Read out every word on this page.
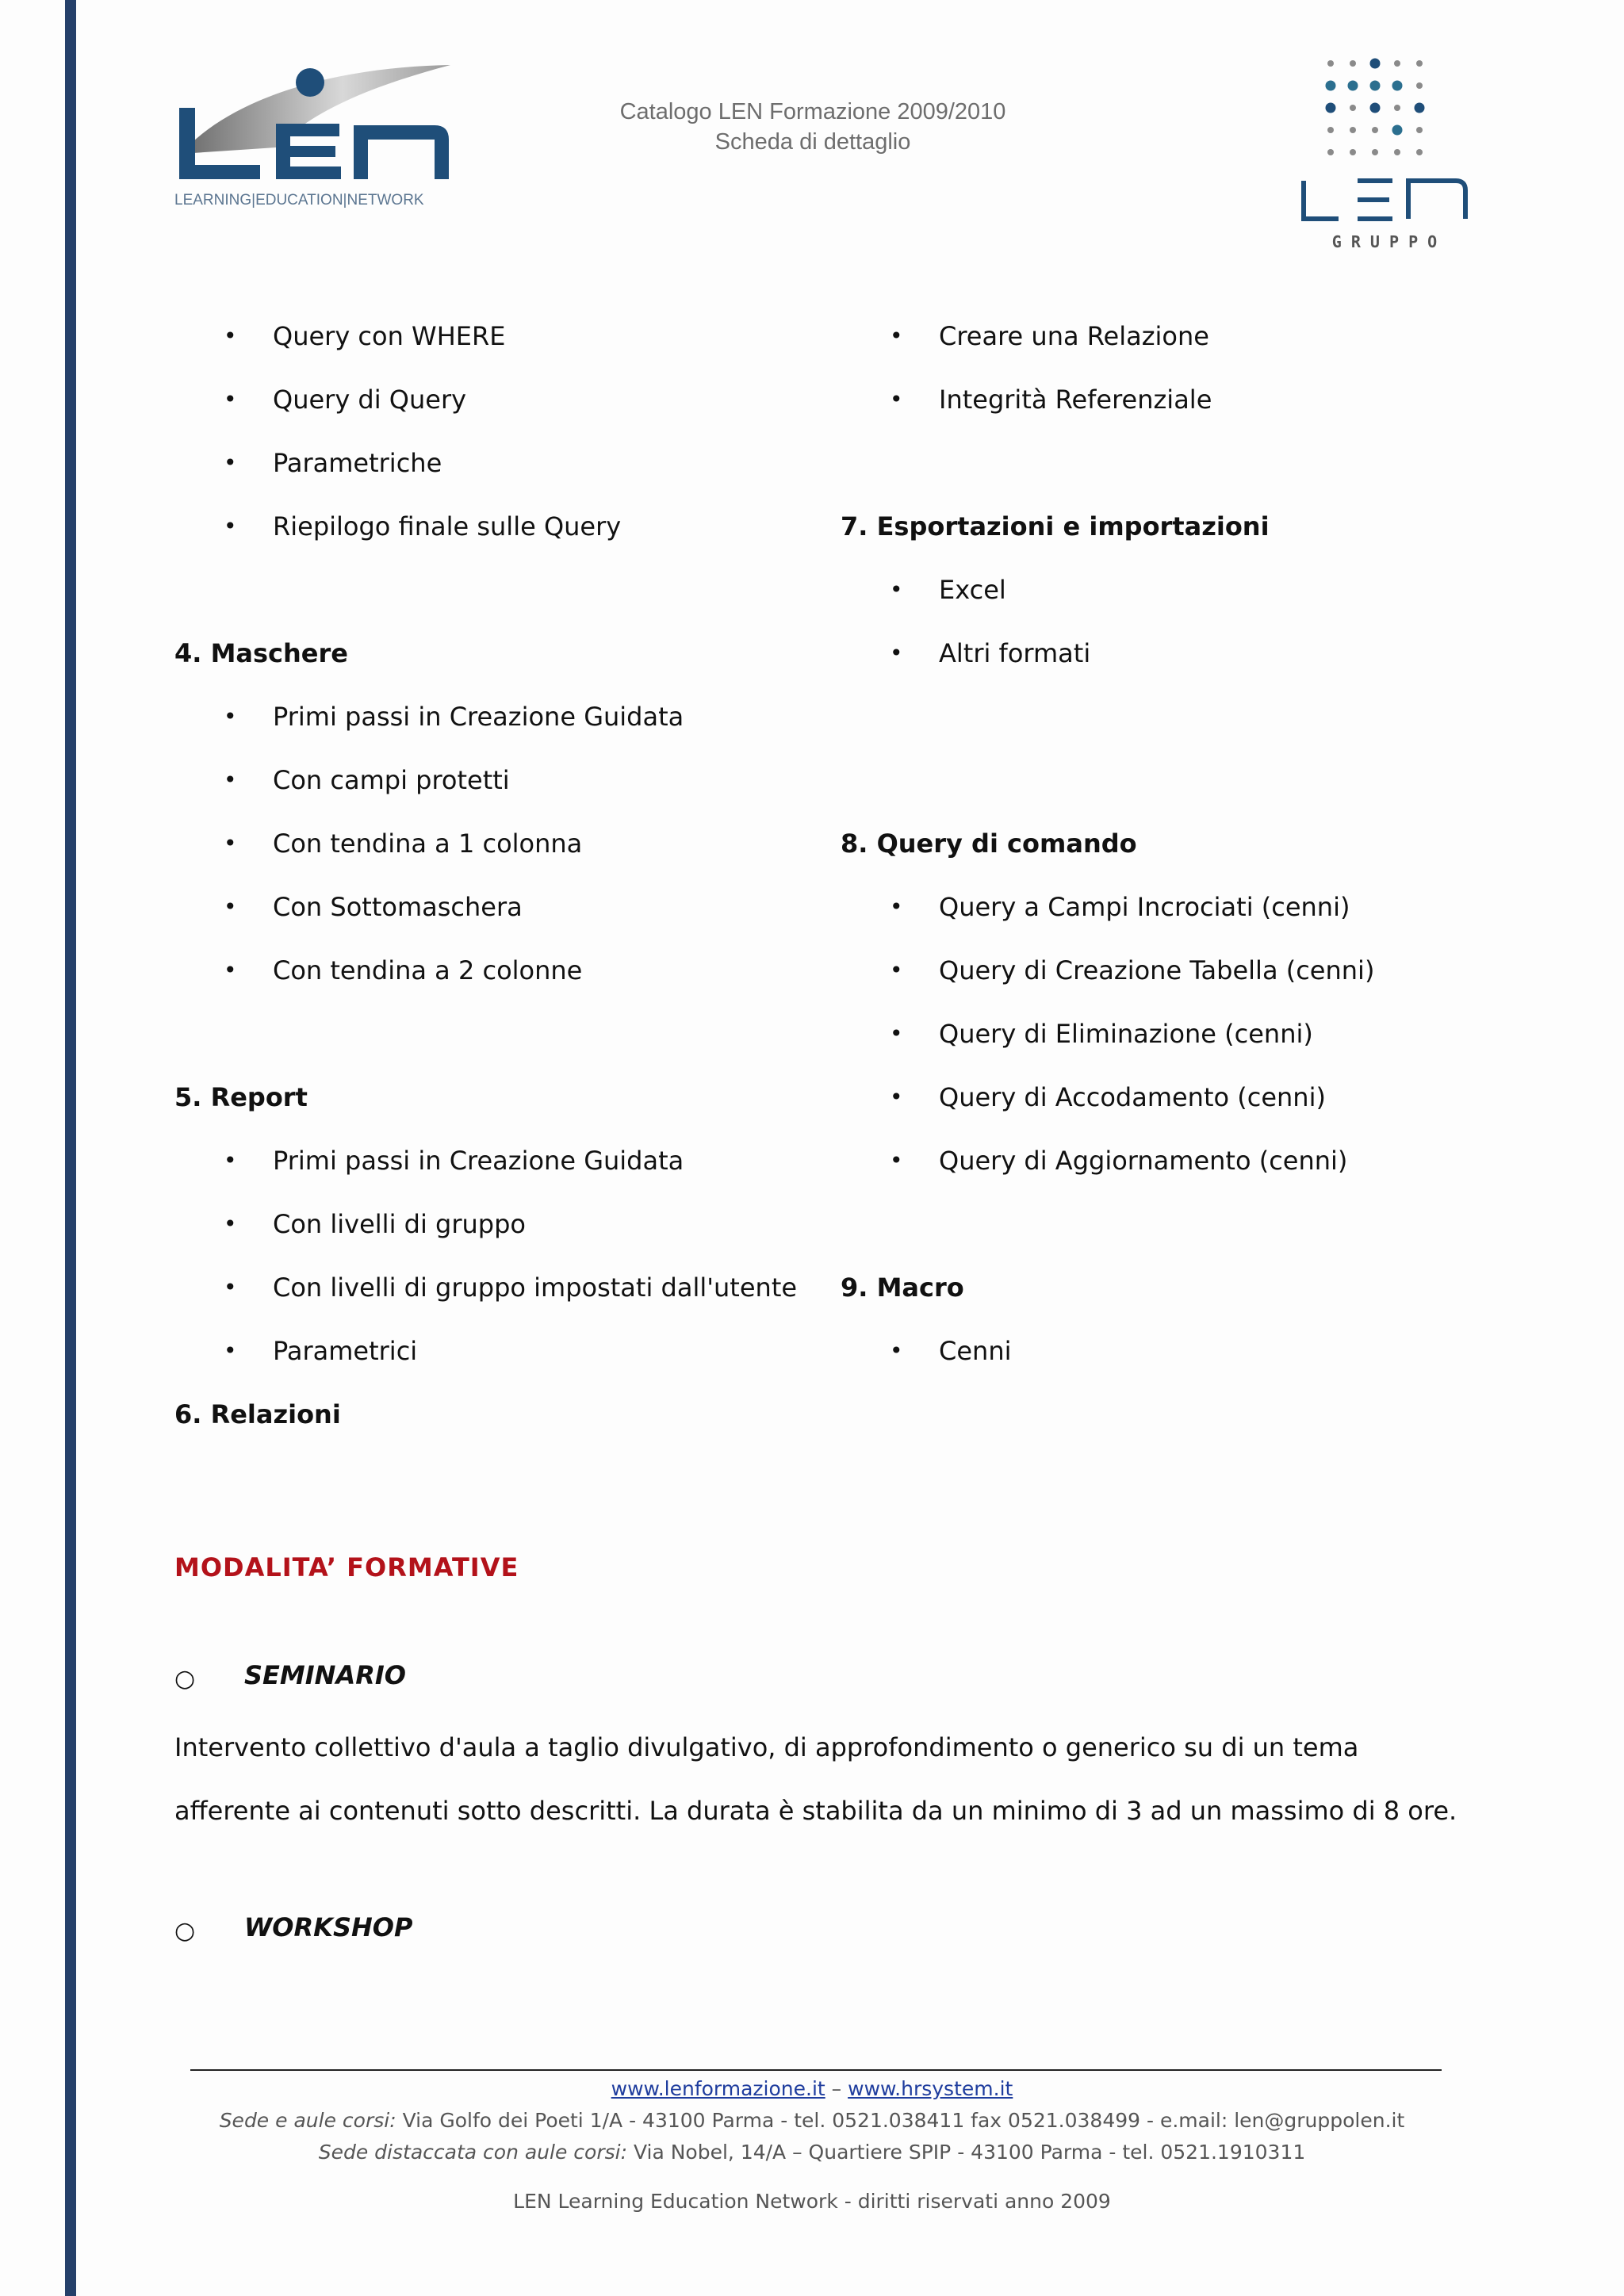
LEARNING|EDUCATION|NETWORK
Catalogo LEN Formazione 2009/2010
Scheda di dettaglio
G R U P P O
• Query con WHERE
• Query di Query
• Parametriche
• Riepilogo finale sulle Query
4. Maschere
• Primi passi in Creazione Guidata
• Con campi protetti
• Con tendina a 1 colonna
• Con Sottomaschera
• Con tendina a 2 colonne
5. Report
• Primi passi in Creazione Guidata
• Con livelli di gruppo
• Con livelli di gruppo impostati dall'utente
• Parametrici
6. Relazioni
• Creare una Relazione
• Integrità Referenziale
7. Esportazioni e importazioni
• Excel
• Altri formati
8. Query di comando
• Query a Campi Incrociati (cenni)
• Query di Creazione Tabella (cenni)
• Query di Eliminazione (cenni)
• Query di Accodamento (cenni)
• Query di Aggiornamento (cenni)
9. Macro
• Cenni
MODALITA’ FORMATIVE
○ SEMINARIO
Intervento collettivo d'aula a taglio divulgativo, di approfondimento o generico su di un tema afferente ai contenuti sotto descritti. La durata è stabilita da un minimo di 3 ad un massimo di 8 ore.
○ WORKSHOP
www.lenformazione.it – www.hrsystem.it
Sede e aule corsi: Via Golfo dei Poeti 1/A - 43100 Parma - tel. 0521.038411 fax 0521.038499 - e.mail: len@gruppolen.it
Sede distaccata con aule corsi: Via Nobel, 14/A – Quartiere SPIP - 43100 Parma - tel. 0521.1910311
LEN Learning Education Network - diritti riservati anno 2009
